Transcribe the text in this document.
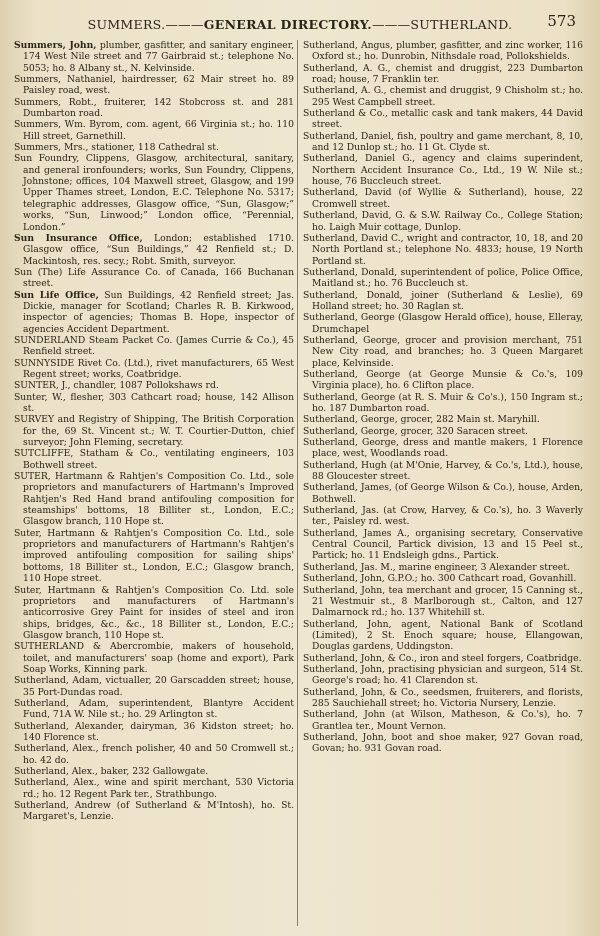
SUMMERS.———GENERAL DIRECTORY.———SUTHERLAND.	573
Summers, John, plumber, gasfitter, and sanitary engineer, 174 West Nile street and 77 Gairbraid st.; telephone No. 5053; ho. 8 Albany st., N. Kelvinside.
Summers, Nathaniel, hairdresser, 62 Mair street ho. 89 Paisley road, west.
Summers, Robt., fruiterer, 142 Stobcross st. and 281 Dumbarton road.
Summers, Wm. Byrom, com. agent, 66 Virginia st.; ho. 110 Hill street, Garnethill.
Summers, Mrs., stationer, 118 Cathedral st.
Sun Foundry, Clippens, Glasgow, architectural, sanitary, and general ironfounders; works, Sun Foundry, Clippens, Johnstone; offices, 104 Maxwell street, Glasgow, and 199 Upper Thames street, London, E.C. Telephone No. 5317; telegraphic addresses, Glasgow office, “Sun, Glasgow;” works, “Sun, Linwood;” London office, “Perennial, London.”
Sun Insurance Office, London; established 1710. Glasgow office, “Sun Buildings,” 42 Renfield st.; D. Mackintosh, res. secy.; Robt. Smith, surveyor.
Sun (The) Life Assurance Co. of Canada, 166 Buchanan street.
Sun Life Office, Sun Buildings, 42 Renfield street; Jas. Dickie, manager for Scotland; Charles R. B. Kirkwood, inspector of agencies; Thomas B. Hope, inspector of agencies Accident Department.
SUNDERLAND Steam Packet Co. (James Currie & Co.), 45 Renfield street.
SUNNYSIDE Rivet Co. (Ltd.), rivet manufacturers, 65 West Regent street; works, Coatbridge.
SUNTER, J., chandler, 1087 Pollokshaws rd.
Sunter, W., flesher, 303 Cathcart road; house, 142 Allison st.
SURVEY and Registry of Shipping, The British Corporation for the, 69 St. Vincent st.; W. T. Courtier-Dutton, chief surveyor; John Fleming, secretary.
SUTCLIFFE, Statham & Co., ventilating engineers, 103 Bothwell street.
SUTER, Hartmann & Rahtjen's Composition Co. Ltd., sole proprietors and manufacturers of Hartmann's Improved Rahtjen's Red Hand brand antifouling composition for steamships' bottoms, 18 Billiter st., London, E.C.; Glasgow branch, 110 Hope st.
Suter, Hartmann & Rahtjen's Composition Co. Ltd., sole proprietors and manufacturers of Hartmann's Rahtjen's improved antifouling composition for sailing ships' bottoms, 18 Billiter st., London, E.C.; Glasgow branch, 110 Hope street.
Suter, Hartmann & Rahtjen's Composition Co. Ltd. sole proprietors and manufacturers of Hartmann's anticorrosive Grey Paint for insides of steel and iron ships, bridges, &c., &c., 18 Billiter st., London, E.C.; Glasgow branch, 110 Hope st.
SUTHERLAND & Abercrombie, makers of household, toilet, and manufacturers' soap (home and export), Park Soap Works, Kinning park.
Sutherland, Adam, victualler, 20 Garscadden street; house, 35 Port-Dundas road.
Sutherland, Adam, superintendent, Blantyre Accident Fund, 71A W. Nile st.; ho. 29 Arlington st.
Sutherland, Alexander, dairyman, 36 Kidston street; ho. 140 Florence st.
Sutherland, Alex., french polisher, 40 and 50 Cromwell st.; ho. 42 do.
Sutherland, Alex., baker, 232 Gallowgate.
Sutherland, Alex., wine and spirit merchant, 530 Victoria rd.; ho. 12 Regent Park ter., Strathbungo.
Sutherland, Andrew (of Sutherland & M'Intosh), ho. St. Margaret's, Lenzie.
Sutherland, Angus, plumber, gasfitter, and zinc worker, 116 Oxford st.; ho. Dunrobin, Nithsdale road, Pollokshields.
Sutherland, A. G., chemist and druggist, 223 Dumbarton road; house, 7 Franklin ter.
Sutherland, A. G., chemist and druggist, 9 Chisholm st.; ho. 295 West Campbell street.
Sutherland & Co., metallic cask and tank makers, 44 David street.
Sutherland, Daniel, fish, poultry and game merchant, 8, 10, and 12 Dunlop st.; ho. 11 Gt. Clyde st.
Sutherland, Daniel G., agency and claims superindent, Northern Accident Insurance Co., Ltd., 19 W. Nile st.; house, 76 Buccleuch street.
Sutherland, David (of Wyllie & Sutherland), house, 22 Cromwell street.
Sutherland, David, G. & S.W. Railway Co., College Station; ho. Laigh Muir cottage, Dunlop.
Sutherland, David C., wright and contractor, 10, 18, and 20 North Portland st.; telephone No. 4833; house, 19 North Portland st.
Sutherland, Donald, superintendent of police, Police Office, Maitland st.; ho. 76 Buccleuch st.
Sutherland, Donald, joiner (Sutherland & Leslie), 69 Holland street; ho. 30 Raglan st.
Sutherland, George (Glasgow Herald office), house, Elleray, Drumchapel
Sutherland, George, grocer and provision merchant, 751 New City road, and branches; ho. 3 Queen Margaret place, Kelvinside.
Sutherland, George (at George Munsie & Co.'s, 109 Virginia place), ho. 6 Clifton place.
Sutherland, George (at R. S. Muir & Co's.), 150 Ingram st.; ho. 187 Dumbarton road.
Sutherland, George, grocer, 282 Main st. Maryhill.
Sutherland, George, grocer, 320 Saracen street.
Sutherland, George, dress and mantle makers, 1 Florence place, west, Woodlands road.
Sutherland, Hugh (at M'Onie, Harvey, & Co.'s, Ltd.), house, 88 Gloucester street.
Sutherland, James, (of George Wilson & Co.), house, Arden, Bothwell.
Sutherland, Jas. (at Crow, Harvey, & Co.'s), ho. 3 Waverly ter., Paisley rd. west.
Sutherland, James A., organising secretary, Conservative Central Council, Partick division, 13 and 15 Peel st., Partick; ho. 11 Endsleigh gdns., Partick.
Sutherland, Jas. M., marine engineer, 3 Alexander street.
Sutherland, John, G.P.O.; ho. 300 Cathcart road, Govanhill.
Sutherland, John, tea merchant and grocer, 15 Canning st., 21 Westmuir st., 8 Marlborough st., Calton, and 127 Dalmarnock rd.; ho. 137 Whitehill st.
Sutherland, John, agent, National Bank of Scotland (Limited), 2 St. Enoch square; house, Ellangowan, Douglas gardens, Uddingston.
Sutherland, John, & Co., iron and steel forgers, Coatbridge.
Sutherland, John, practising physician and surgeon, 514 St. George's road; ho. 41 Clarendon st.
Sutherland, John, & Co., seedsmen, fruiterers, and florists, 285 Sauchiehall street; ho. Victoria Nursery, Lenzie.
Sutherland, John (at Wilson, Matheson, & Co.'s), ho. 7 Grantlea ter., Mount Vernon.
Sutherland, John, boot and shoe maker, 927 Govan road, Govan; ho. 931 Govan road.
